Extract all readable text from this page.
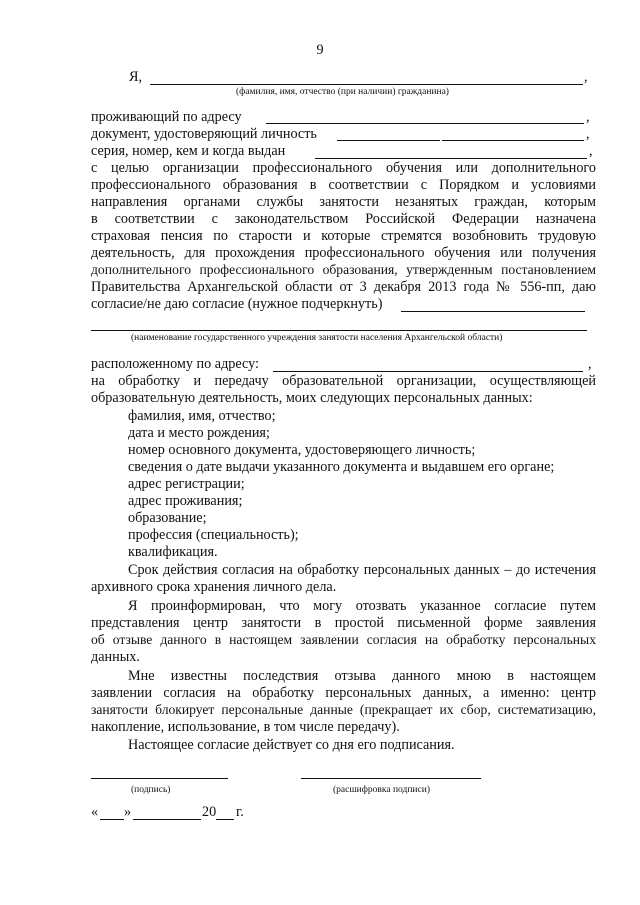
9
Я,	,
(фамилия, имя, отчество (при наличии) гражданина)
проживающий по адресу	,
документ, удостоверяющий личность	,
серия, номер, кем и когда выдан	,
с целью организации профессионального обучения или дополнительного
профессионального образования в соответствии с Порядком и условиями
направления органами службы занятости незанятых граждан, которым
в соответствии с законодательством Российской Федерации назначена
страховая пенсия по старости и которые стремятся возобновить трудовую
деятельность, для прохождения профессионального обучения или получения
дополнительного профессионального образования, утвержденным постановлением
Правительства Архангельской области от 3 декабря 2013 года № 556-пп, даю
согласие/не даю согласие (нужное подчеркнуть)
(наименование государственного учреждения занятости населения Архангельской области)
расположенному по адресу:	,
на обработку и передачу образовательной организации, осуществляющей
образовательную деятельность, моих следующих персональных данных:
фамилия, имя, отчество;
дата и место рождения;
номер основного документа, удостоверяющего личность;
сведения о дате выдачи указанного документа и выдавшем его органе;
адрес регистрации;
адрес проживания;
образование;
профессия (специальность);
квалификация.
Срок действия согласия на обработку персональных данных – до истечения
архивного срока хранения личного дела.
Я проинформирован, что могу отозвать указанное согласие путем
представления центр занятости в простой письменной форме заявления
об отзыве данного в настоящем заявлении согласия на обработку персональных
данных.
Мне известны последствия отзыва данного мною в настоящем
заявлении согласия на обработку персональных данных, а именно: центр
занятости блокирует персональные данные (прекращает их сбор, систематизацию,
накопление, использование, в том числе передачу).
Настоящее согласие действует со дня его подписания.
(подпись)	(расшифровка подписи)
« »	20 г.
